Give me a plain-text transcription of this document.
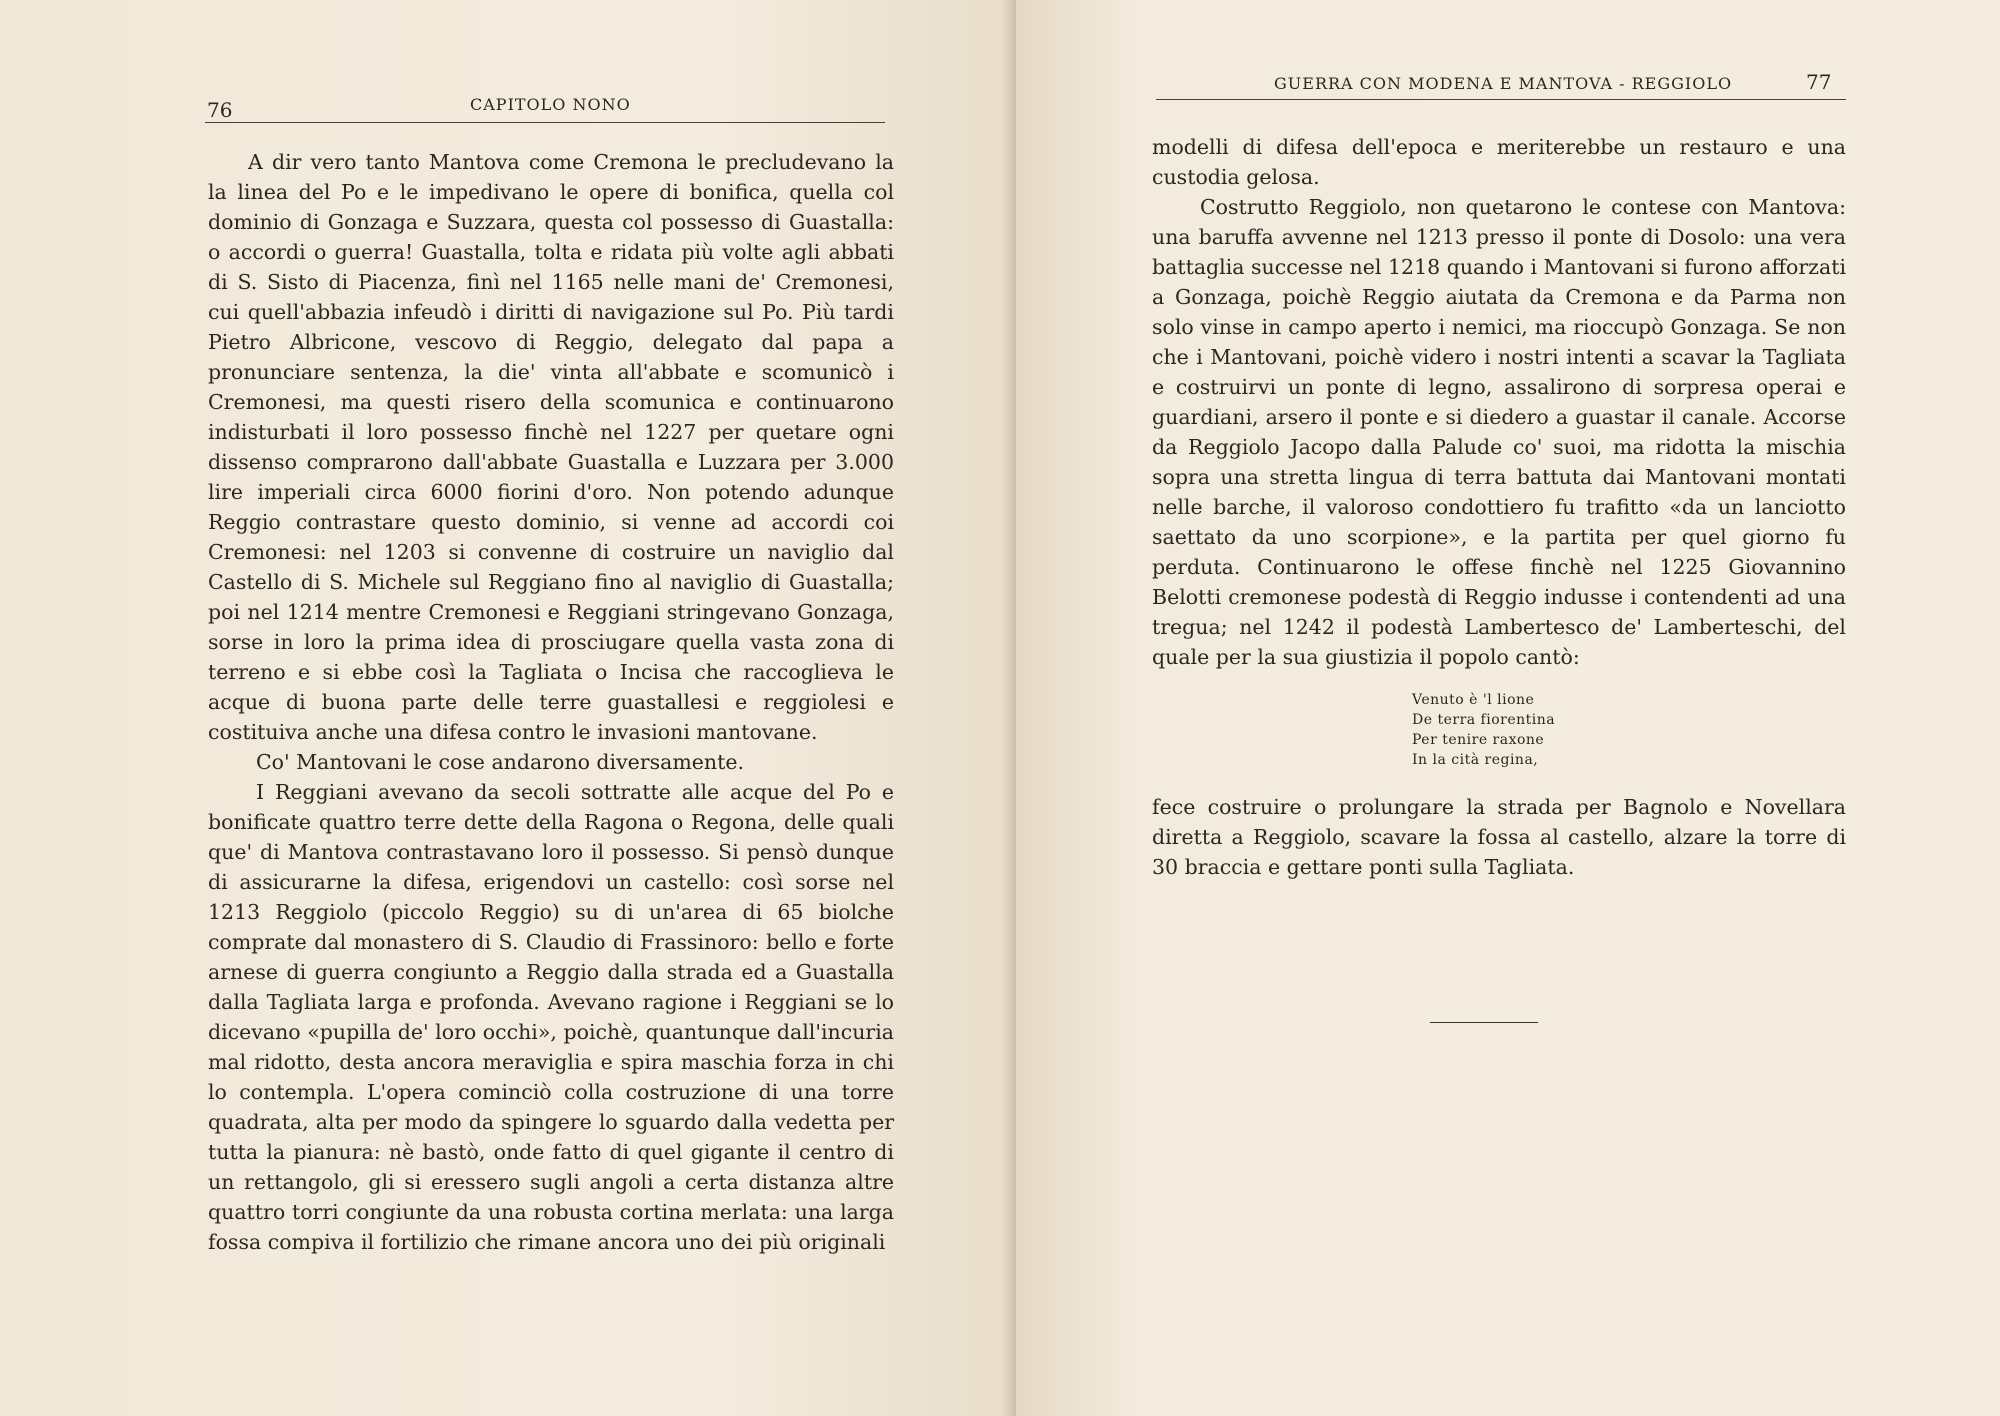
76	CAPITOLO NONO

A dir vero tanto Mantova come Cremona le precludevano la la linea del Po e le impedivano le opere di bonifica, quella col dominio di Gonzaga e Suzzara, questa col possesso di Guastalla: o accordi o guerra! Guastalla, tolta e ridata più volte agli abbati di S. Sisto di Piacenza, finì nel 1165 nelle mani de' Cremonesi, cui quell'abbazia infeudò i diritti di navigazione sul Po. Più tardi Pietro Albricone, vescovo di Reggio, delegato dal papa a pronunciare sentenza, la die' vinta all'abbate e scomunicò i Cremonesi, ma questi risero della scomunica e continuarono indisturbati il loro possesso finchè nel 1227 per quetare ogni dissenso comprarono dall'abbate Guastalla e Luzzara per 3.000 lire imperiali circa 6000 fiorini d'oro. Non potendo adunque Reggio contrastare questo dominio, si venne ad accordi coi Cremonesi: nel 1203 si convenne di costruire un naviglio dal Castello di S. Michele sul Reggiano fino al naviglio di Guastalla; poi nel 1214 mentre Cremonesi e Reggiani stringevano Gonzaga, sorse in loro la prima idea di prosciugare quella vasta zona di terreno e si ebbe così la Tagliata o Incisa che raccoglieva le acque di buona parte delle terre guastallesi e reggiolesi e costituiva anche una difesa contro le invasioni mantovane.

Co' Mantovani le cose andarono diversamente.

I Reggiani avevano da secoli sottratte alle acque del Po e bonificate quattro terre dette della Ragona o Regona, delle quali que' di Mantova contrastavano loro il possesso. Si pensò dunque di assicurarne la difesa, erigendovi un castello: così sorse nel 1213 Reggiolo (piccolo Reggio) su di un'area di 65 biolche comprate dal monastero di S. Claudio di Frassinoro: bello e forte arnese di guerra congiunto a Reggio dalla strada ed a Guastalla dalla Tagliata larga e profonda. Avevano ragione i Reggiani se lo dicevano «pupilla de' loro occhi», poichè, quantunque dall'incuria mal ridotto, desta ancora meraviglia e spira maschia forza in chi lo contempla. L'opera cominciò colla costruzione di una torre quadrata, alta per modo da spingere lo sguardo dalla vedetta per tutta la pianura: nè bastò, onde fatto di quel gigante il centro di un rettangolo, gli si eressero sugli angoli a certa distanza altre quattro torri congiunte da una robusta cortina merlata: una larga fossa compiva il fortilizio che rimane ancora uno dei più originali

GUERRA CON MODENA E MANTOVA - REGGIOLO	77

modelli di difesa dell'epoca e meriterebbe un restauro e una custodia gelosa.

Costrutto Reggiolo, non quetarono le contese con Mantova: una baruffa avvenne nel 1213 presso il ponte di Dosolo: una vera battaglia successe nel 1218 quando i Mantovani si furono afforzati a Gonzaga, poichè Reggio aiutata da Cremona e da Parma non solo vinse in campo aperto i nemici, ma rioccupò Gonzaga. Se non che i Mantovani, poichè videro i nostri intenti a scavar la Tagliata e costruirvi un ponte di legno, assalirono di sorpresa operai e guardiani, arsero il ponte e si diedero a guastar il canale. Accorse da Reggiolo Jacopo dalla Palude co' suoi, ma ridotta la mischia sopra una stretta lingua di terra battuta dai Mantovani montati nelle barche, il valoroso condottiero fu trafitto «da un lanciotto saettato da uno scorpione», e la partita per quel giorno fu perduta. Continuarono le offese finchè nel 1225 Giovannino Belotti cremonese podestà di Reggio indusse i contendenti ad una tregua; nel 1242 il podestà Lambertesco de' Lamberteschi, del quale per la sua giustizia il popolo cantò:

Venuto è 'l lione
De terra fiorentina
Per tenire raxone
In la cità regina,

fece costruire o prolungare la strada per Bagnolo e Novellara diretta a Reggiolo, scavare la fossa al castello, alzare la torre di 30 braccia e gettare ponti sulla Tagliata.
